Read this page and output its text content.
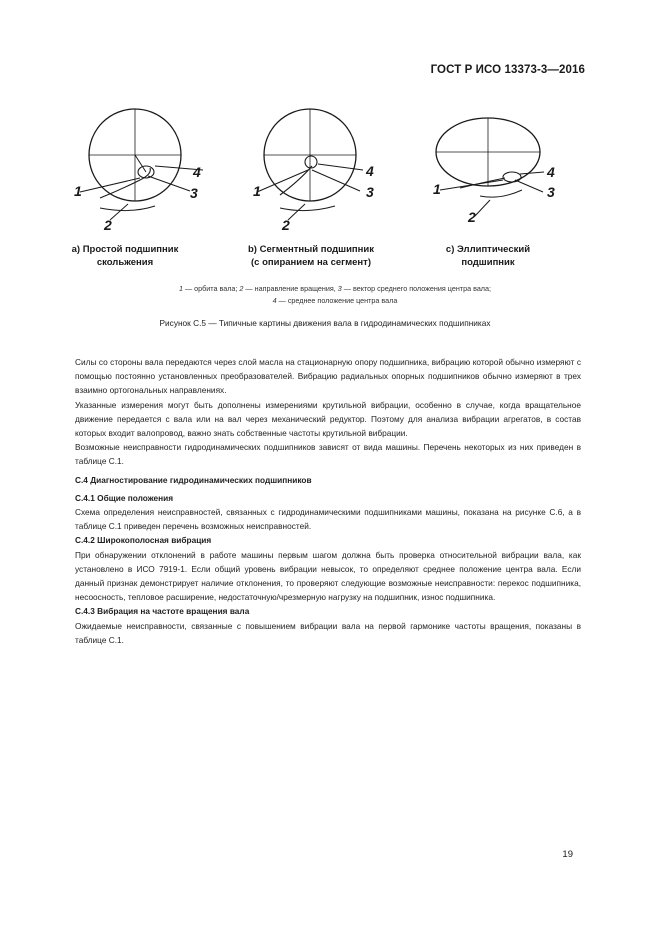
ГОСТ Р ИСО 13373-3—2016
1
2
3
4
1
2
3
4
1
2
3
4
a) Простой подшипник
скольжения
b) Сегментный подшипник
(с опиранием на сегмент)
с) Эллиптический
подшипник
1 — орбита вала; 2 — направление вращения, 3 — вектор среднего положения центра вала;
4 — среднее положение центра вала
Рисунок С.5 — Типичные картины движения вала в гидродинамических подшипниках

Силы со стороны вала передаются через слой масла на стационарную опору подшипника, вибрацию которой обычно измеряют с помощью постоянно установленных преобразователей. Вибрацию радиальных опорных подшипников обычно измеряют в трех взаимно ортогональных направлениях.

Указанные измерения могут быть дополнены измерениями крутильной вибрации, особенно в случае, когда вращательное движение передается с вала или на вал через механический редуктор. Поэтому для анализа вибрации агрегатов, в состав которых входит валопровод, важно знать собственные частоты крутильной вибрации.

Возможные неисправности гидродинамических подшипников зависят от вида машины. Перечень некоторых из них приведен в таблице С.1.

С.4 Диагностирование гидродинамических подшипников

С.4.1 Общие положения

Схема определения неисправностей, связанных с гидродинамическими подшипниками машины, показана на рисунке С.6, а в таблице С.1 приведен перечень возможных неисправностей.

С.4.2 Широкополосная вибрация

При обнаружении отклонений в работе машины первым шагом должна быть проверка относительной вибрации вала, как установлено в ИСО 7919-1. Если общий уровень вибрации невысок, то определяют среднее положение центра вала. Если данный признак демонстрирует наличие отклонения, то проверяют следующие возможные неисправности: перекос подшипника, несоосность, тепловое расширение, недостаточную/чрезмерную нагрузку на подшипник, износ подшипника.

С.4.3 Вибрация на частоте вращения вала

Ожидаемые неисправности, связанные с повышением вибрации вала на первой гармонике частоты вращения, показаны в таблице С.1.

19
